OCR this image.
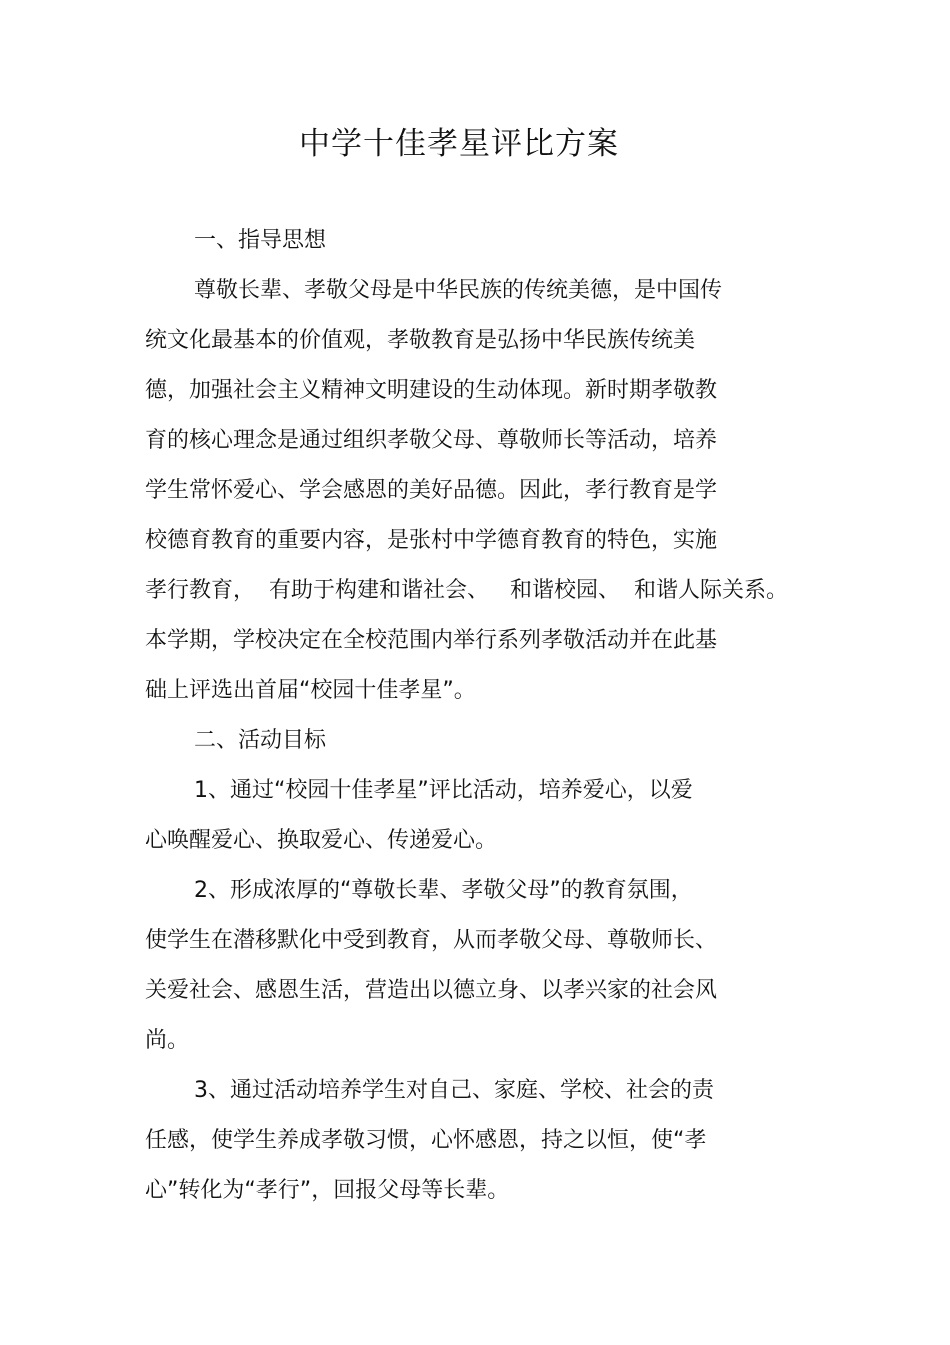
中学十佳孝星评比方案
一、指导思想
尊敬长辈、孝敬父母是中华民族的传统美德，是中国传
统文化最基本的价值观，孝敬教育是弘扬中华民族传统美
德，加强社会主义精神文明建设的生动体现。新时期孝敬教
育的核心理念是通过组织孝敬父母、尊敬师长等活动，培养
学生常怀爱心、学会感恩的美好品德。因此，孝行教育是学
校德育教育的重要内容，是张村中学德育教育的特色，实施
孝行教育，  有助于构建和谐社会、   和谐校园、  和谐人际关系。
本学期，学校决定在全校范围内举行系列孝敬活动并在此基
础上评选出首届“校园十佳孝星”。
二、活动目标
1、通过“校园十佳孝星”评比活动，培养爱心，以爱
心唤醒爱心、换取爱心、传递爱心。
2、形成浓厚的“尊敬长辈、孝敬父母”的教育氛围，
使学生在潜移默化中受到教育，从而孝敬父母、尊敬师长、
关爱社会、感恩生活，营造出以德立身、以孝兴家的社会风
尚。
3、通过活动培养学生对自己、家庭、学校、社会的责
任感，使学生养成孝敬习惯，心怀感恩，持之以恒，使“孝
心”转化为“孝行”，回报父母等长辈。
